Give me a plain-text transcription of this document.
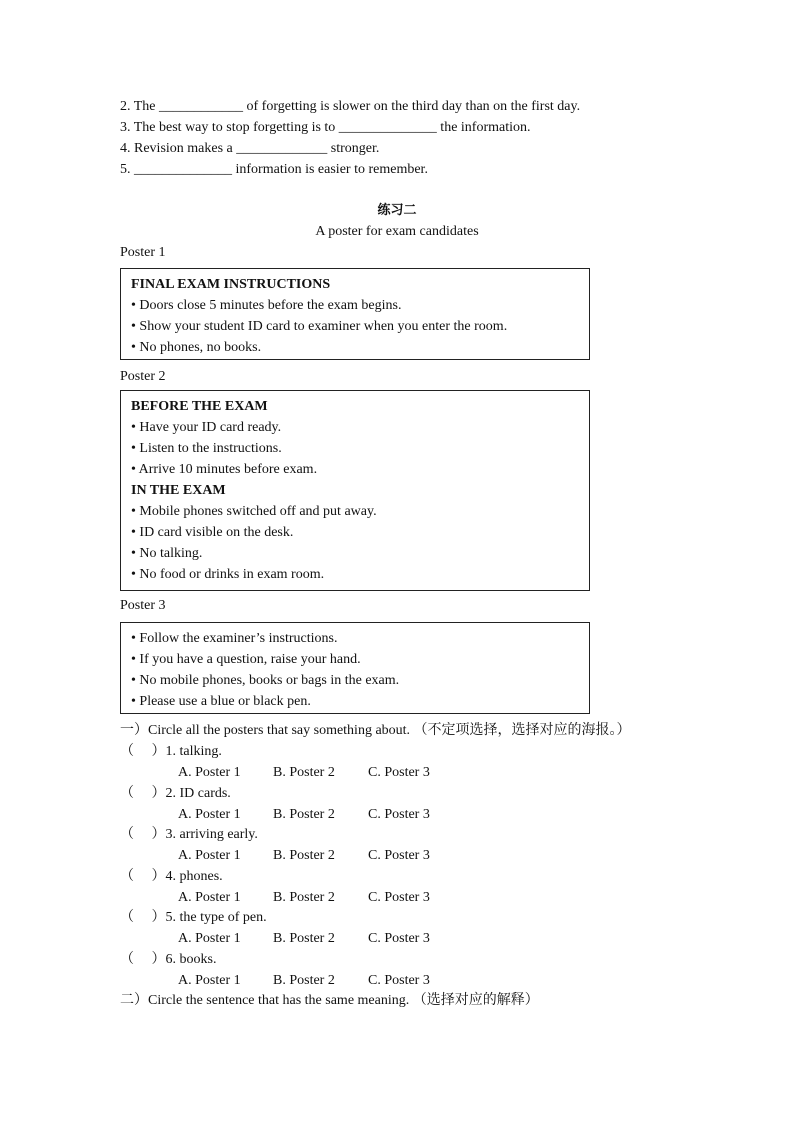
2. The ____________ of forgetting is slower on the third day than on the first day.
3. The best way to stop forgetting is to ______________ the information.
4. Revision makes a _____________ stronger.
5. ______________ information is easier to remember.
练习二
A poster for exam candidates
Poster 1
FINAL EXAM INSTRUCTIONS
• Doors close 5 minutes before the exam begins.
• Show your student ID card to examiner when you enter the room.
• No phones, no books.
Poster 2
BEFORE THE EXAM
• Have your ID card ready.
• Listen to the instructions.
• Arrive 10 minutes before exam.
IN THE EXAM
• Mobile phones switched off and put away.
• ID card visible on the desk.
• No talking.
• No food or drinks in exam room.
Poster 3
• Follow the examiner’s instructions.
• If you have a question, raise your hand.
• No mobile phones, books or bags in the exam.
• Please use a blue or black pen.
一）Circle all the posters that say something about. （不定项选择，选择对应的海报。）
（　 ）1. talking.
A. Poster 1 B. Poster 2 C. Poster 3
（　 ）2. ID cards.
A. Poster 1 B. Poster 2 C. Poster 3
（　 ）3. arriving early.
A. Poster 1 B. Poster 2 C. Poster 3
（　 ）4. phones.
A. Poster 1 B. Poster 2 C. Poster 3
（　 ）5. the type of pen.
A. Poster 1 B. Poster 2 C. Poster 3
（　 ）6. books.
A. Poster 1 B. Poster 2 C. Poster 3
二）Circle the sentence that has the same meaning. （选择对应的解释）
